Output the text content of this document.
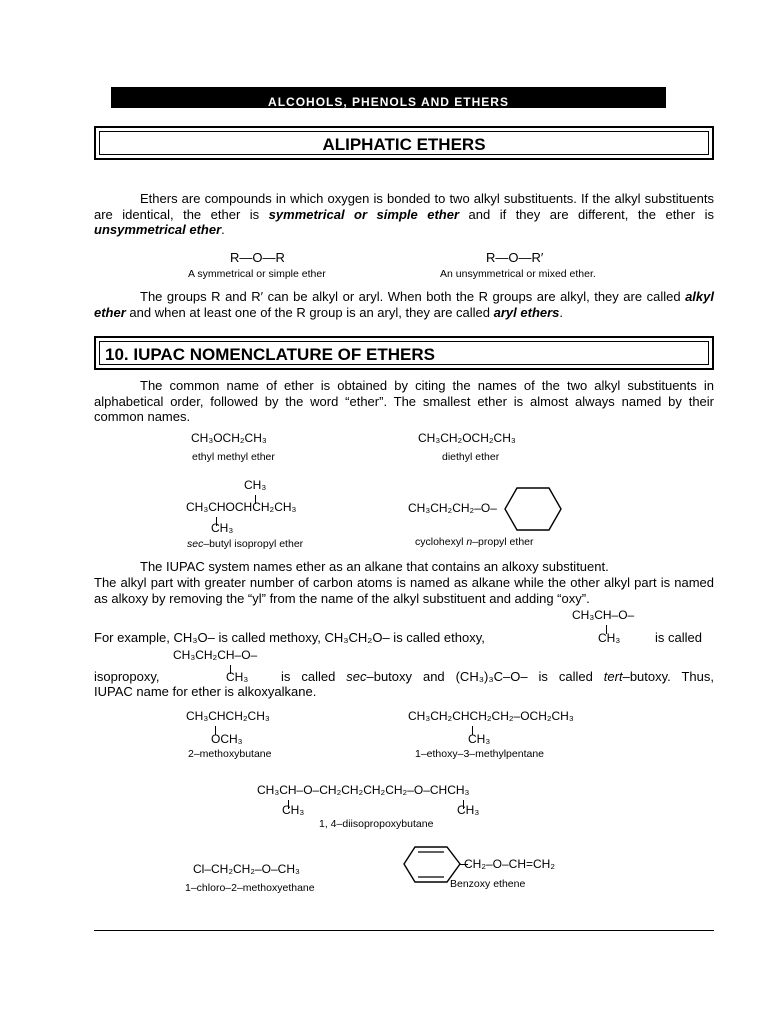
ALCOHOLS, PHENOLS AND ETHERS
ALIPHATIC ETHERS
Ethers are compounds in which oxygen is bonded to two alkyl substituents. If the alkyl substituents are identical, the ether is symmetrical or simple ether and if they are different, the ether is unsymmetrical ether.
R—O—R
A symmetrical or simple ether
R—O—R′
An unsymmetrical or mixed ether.
The groups R and R′ can be alkyl or aryl. When both the R groups are alkyl, they are called alkyl ether and when at least one of the R group is an aryl, they are called aryl ethers.
10. IUPAC NOMENCLATURE OF ETHERS
The common name of ether is obtained by citing the names of the two alkyl substituents in alphabetical order, followed by the word “ether”. The smallest ether is almost always named by their common names.
CH₃OCH₂CH₃
ethyl methyl ether
CH₃CH₂OCH₂CH₃
diethyl ether
CH₃
CH₃CHOCHCH₂CH₃
CH₃
sec–butyl isopropyl ether
CH₃CH₂CH₂–O–
cyclohexyl n–propyl ether
The IUPAC system names ether as an alkane that contains an alkoxy substituent.
The alkyl part with greater number of carbon atoms is named as alkane while the other alkyl part is named as alkoxy by removing the “yl” from the name of the alkyl substituent and adding “oxy”.
CH₃CH–O–
CH₃
For example, CH₃O– is called methoxy, CH₃CH₂O– is called ethoxy,	is called
CH₃CH₂CH–O–
CH₃
isopropoxy,	is called sec–butoxy and (CH₃)₃C–O– is called tert–butoxy. Thus,
IUPAC name for ether is alkoxyalkane.
CH₃CHCH₂CH₃
OCH₃
2–methoxybutane
CH₃CH₂CHCH₂CH₂–OCH₂CH₃
CH₃
1–ethoxy–3–methylpentane
CH₃CH–O–CH₂CH₂CH₂CH₂–O–CHCH₃
CH₃	CH₃
1, 4–diisopropoxybutane
Cl–CH₂CH₂–O–CH₃
1–chloro–2–methoxyethane
CH₂–O–CH=CH₂
Benzoxy ethene
